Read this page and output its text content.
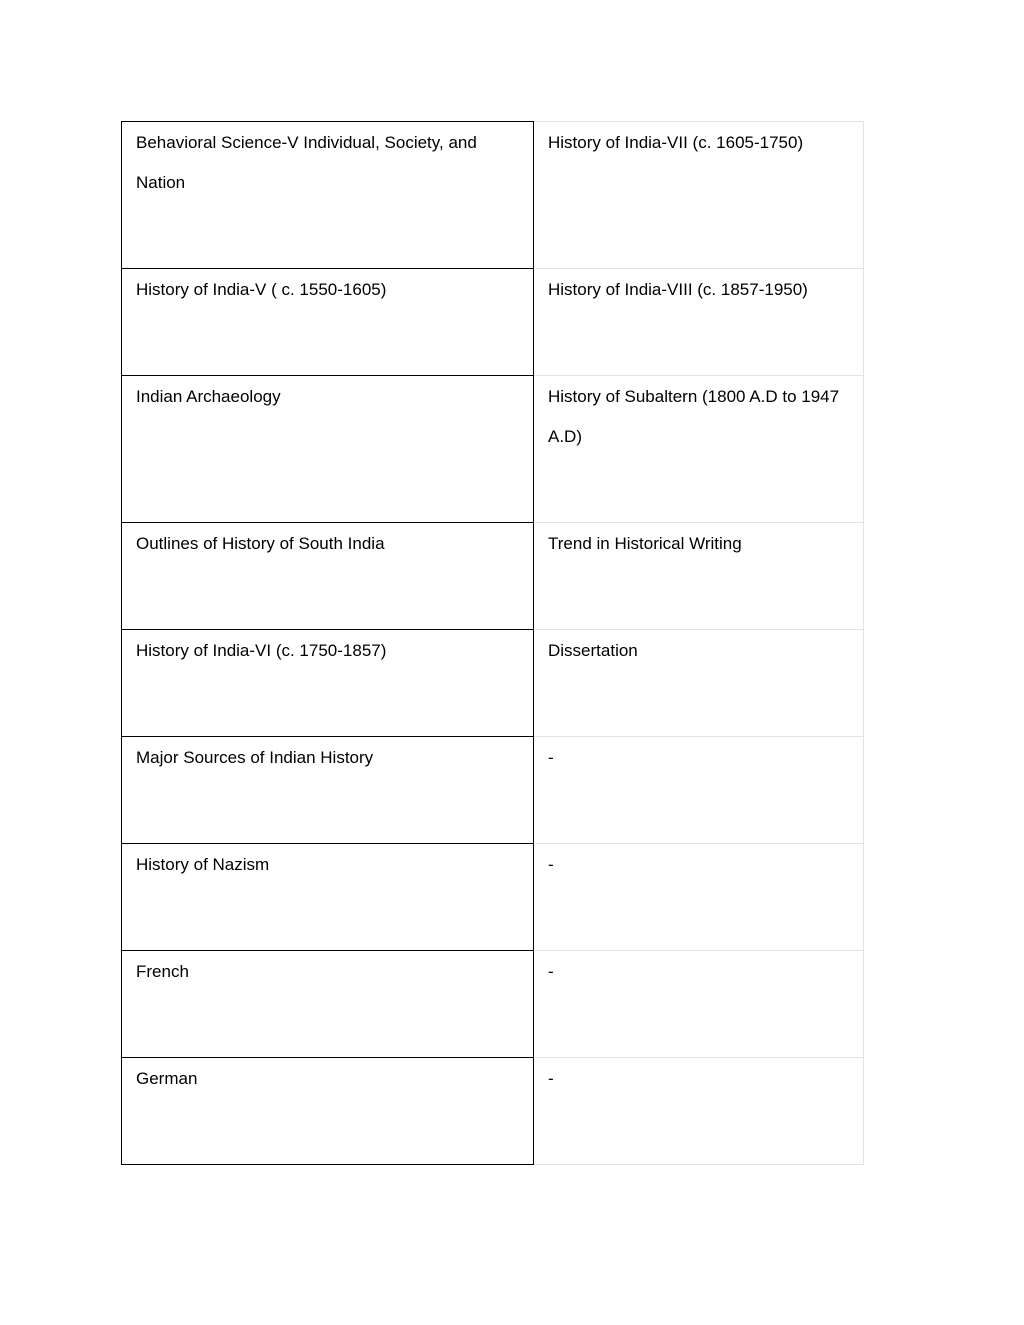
Behavioral Science-V Individual, Society, and Nation	History of India-VII (c. 1605-1750)
History of India-V ( c. 1550-1605)	History of India-VIII (c. 1857-1950)
Indian Archaeology	History of Subaltern (1800 A.D to 1947 A.D)
Outlines of History of South India	Trend in Historical Writing
History of India-VI (c. 1750-1857)	Dissertation
Major Sources of Indian History	-
History of Nazism	-
French	-
German	-
